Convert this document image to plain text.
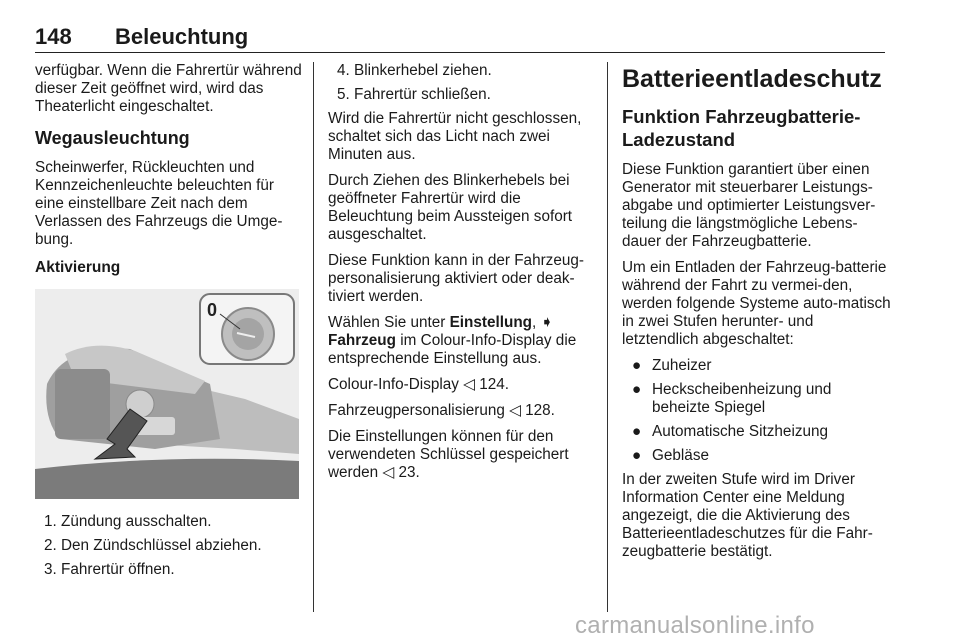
148 Beleuchtung

verfügbar. Wenn die Fahrertür während dieser Zeit geöffnet wird, wird das Theaterlicht eingeschaltet.

Wegausleuchtung

Scheinwerfer, Rückleuchten und Kennzeichenleuchte beleuchten für eine einstellbare Zeit nach dem Verlassen des Fahrzeugs die Umge-bung.

Aktivierung
0
1. Zündung ausschalten.
2. Den Zündschlüssel abziehen.
3. Fahrertür öffnen.
4. Blinkerhebel ziehen.
5. Fahrertür schließen.

Wird die Fahrertür nicht geschlossen, schaltet sich das Licht nach zwei Minuten aus.

Durch Ziehen des Blinkerhebels bei geöffneter Fahrertür wird die Beleuchtung beim Aussteigen sofort ausgeschaltet.

Diese Funktion kann in der Fahrzeug-personalisierung aktiviert oder deak-tiviert werden.

Wählen Sie unter Einstellung, ➧ Fahrzeug im Colour-Info-Display die entsprechende Einstellung aus.

Colour-Info-Display ◁ 124.

Fahrzeugpersonalisierung ◁ 128.

Die Einstellungen können für den verwendeten Schlüssel gespeichert werden ◁ 23.

Batterieentladeschutz
Funktion Fahrzeugbatterie-Ladezustand

Diese Funktion garantiert über einen Generator mit steuerbarer Leistungs-abgabe und optimierter Leistungsver-teilung die längstmögliche Lebens-dauer der Fahrzeugbatterie.

Um ein Entladen der Fahrzeug-batterie während der Fahrt zu vermei-den, werden folgende Systeme auto-matisch in zwei Stufen herunter- und letztendlich abgeschaltet:

● Zuheizer
● Heckscheibenheizung und beheizte Spiegel
● Automatische Sitzheizung
● Gebläse

In der zweiten Stufe wird im Driver Information Center eine Meldung angezeigt, die die Aktivierung des Batterieentladeschutzes für die Fahr-zeugbatterie bestätigt.

carmanualsonline.info
